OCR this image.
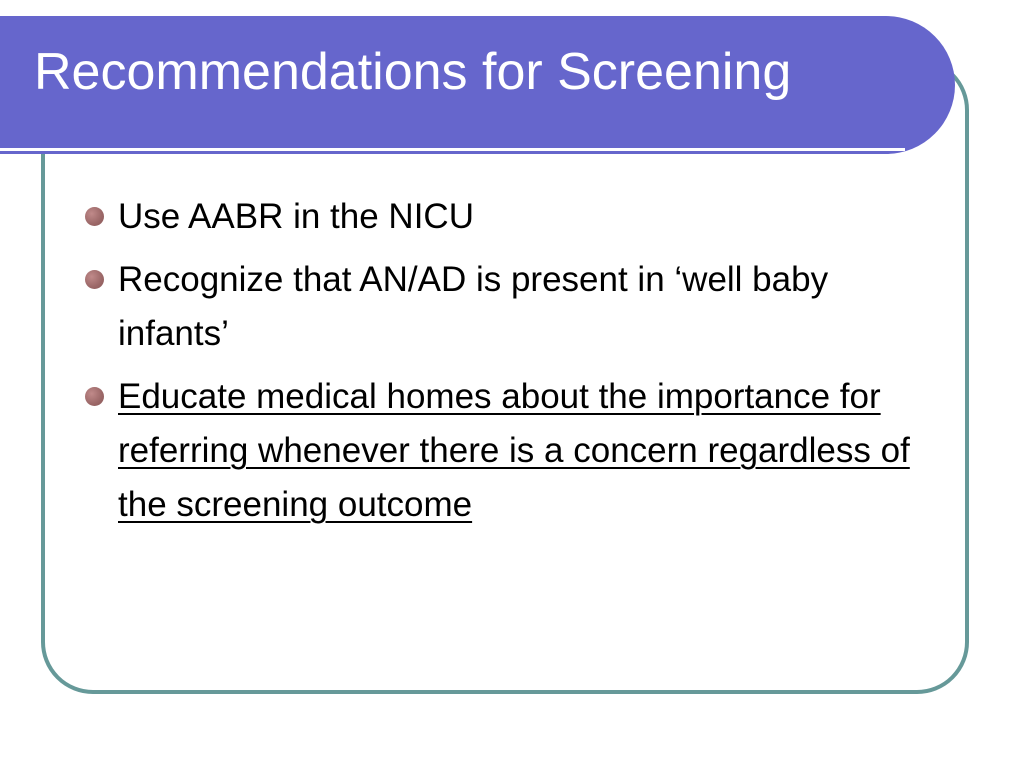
Recommendations for Screening
Use AABR in the NICU
Recognize that AN/AD is present in ‘well baby infants’
Educate medical homes about the importance for referring whenever there is a concern regardless of the screening outcome
